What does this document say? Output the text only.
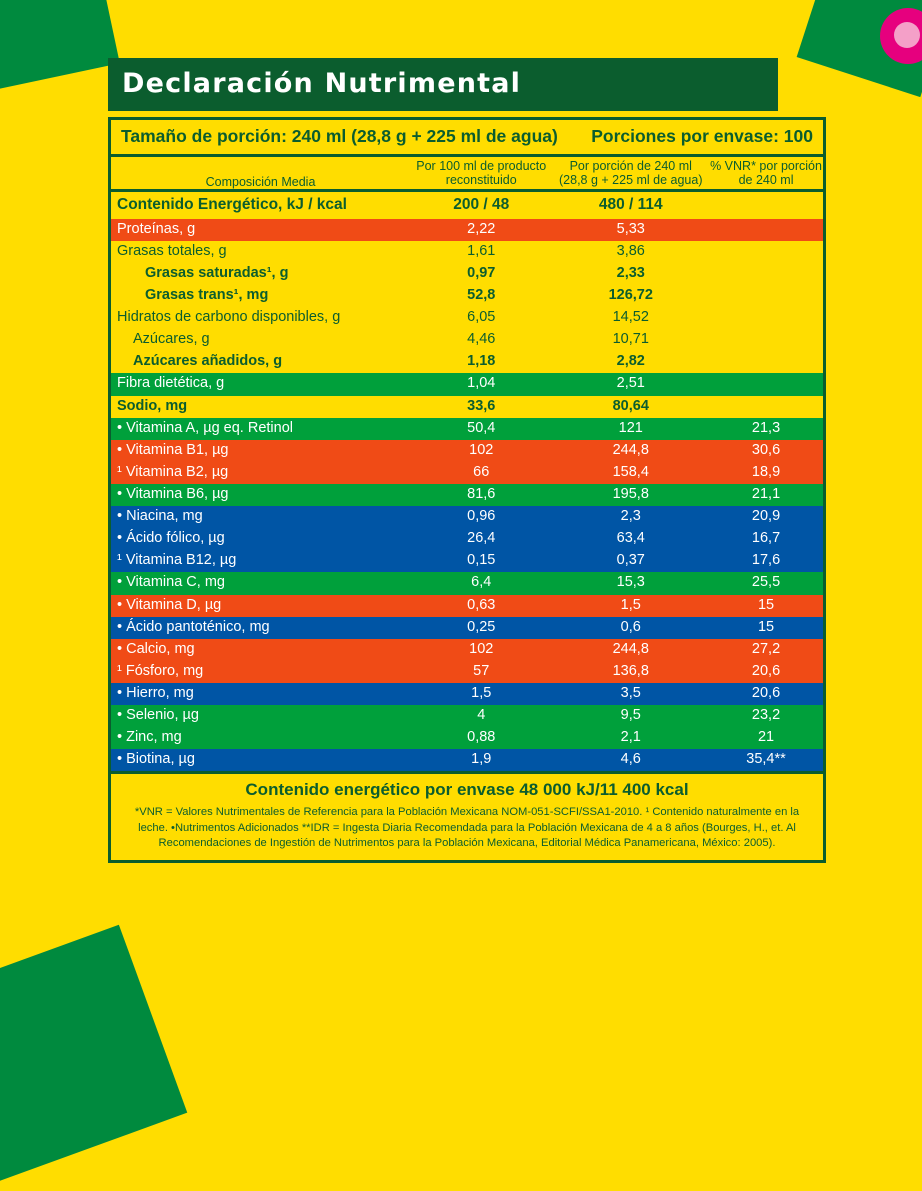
Declaración Nutrimental
Tamaño de porción: 240 ml (28,8 g + 225 ml de agua) Porciones por envase: 100
Composición Media	
Por 100 ml de producto
reconstituido

Por porción de 240 ml
(28,8 g + 225 ml de agua)

% VNR* por porción
de 240 ml

Contenido Energético, kJ / kcal	200 / 48	480 / 114	
Proteínas, g	2,22	5,33	
Grasas totales, g	1,61	3,86	
Grasas saturadas¹, g	0,97	2,33	
Grasas trans¹, mg	52,8	126,72	
Hidratos de carbono disponibles, g	6,05	14,52	
Azúcares, g	4,46	10,71	
Azúcares añadidos, g	1,18	2,82	
Fibra dietética, g	1,04	2,51	
Sodio, mg	33,6	80,64	
• Vitamina A, µg eq. Retinol	50,4	121	21,3
• Vitamina B1, µg	102	244,8	30,6
¹ Vitamina B2, µg	66	158,4	18,9
• Vitamina B6, µg	81,6	195,8	21,1
• Niacina, mg	0,96	2,3	20,9
• Ácido fólico, µg	26,4	63,4	16,7
¹ Vitamina B12, µg	0,15	0,37	17,6
• Vitamina C, mg	6,4	15,3	25,5
• Vitamina D, µg	0,63	1,5	15
• Ácido pantoténico, mg	0,25	0,6	15
• Calcio, mg	102	244,8	27,2
¹ Fósforo, mg	57	136,8	20,6
• Hierro, mg	1,5	3,5	20,6
• Selenio, µg	4	9,5	23,2
• Zinc, mg	0,88	2,1	21
• Biotina, µg	1,9	4,6	35,4**
Contenido energético por envase 48 000 kJ/11 400 kcal
*VNR = Valores Nutrimentales de Referencia para la Población Mexicana NOM-051-SCFI/SSA1-2010. ¹ Contenido naturalmente en la
leche. •Nutrimentos Adicionados **IDR = Ingesta Diaria Recomendada para la Población Mexicana de 4 a 8 años (Bourges, H., et. Al
Recomendaciones de Ingestión de Nutrimentos para la Población Mexicana, Editorial Médica Panamericana, México: 2005).
